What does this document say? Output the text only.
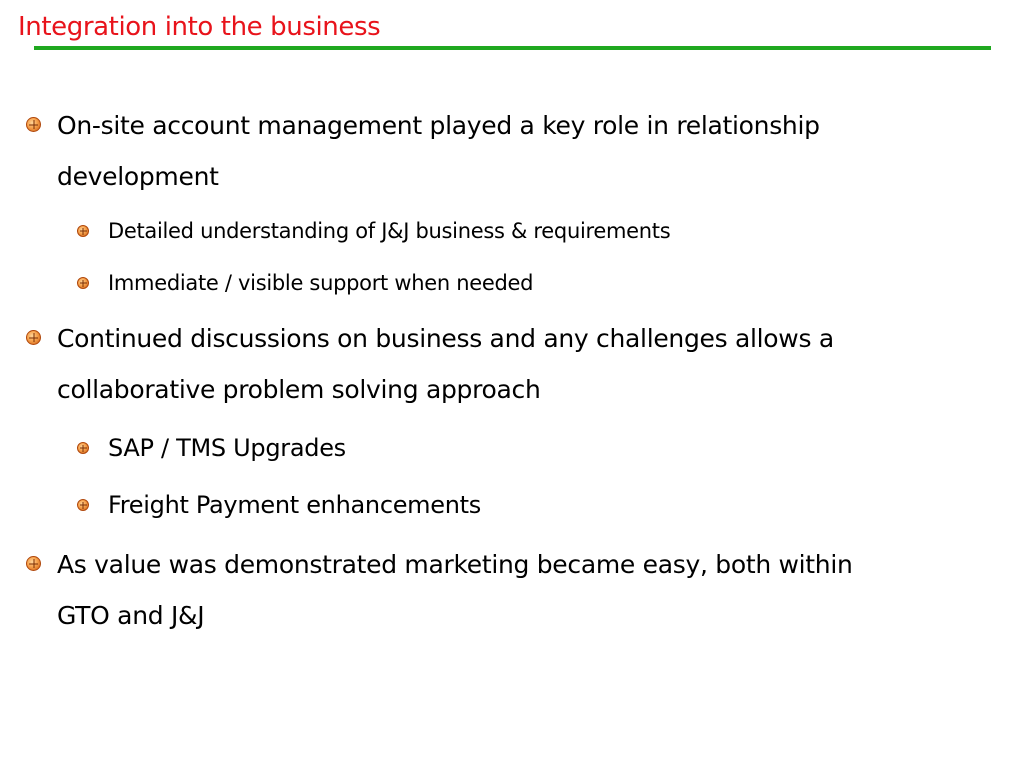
Integration into the business
On-site account management played a key role in relationship development
Detailed understanding of J&J business & requirements
Immediate / visible support when needed
Continued discussions on business and any challenges allows a collaborative problem solving approach
SAP / TMS Upgrades
Freight Payment enhancements
As value was demonstrated marketing became easy, both within GTO and J&J
